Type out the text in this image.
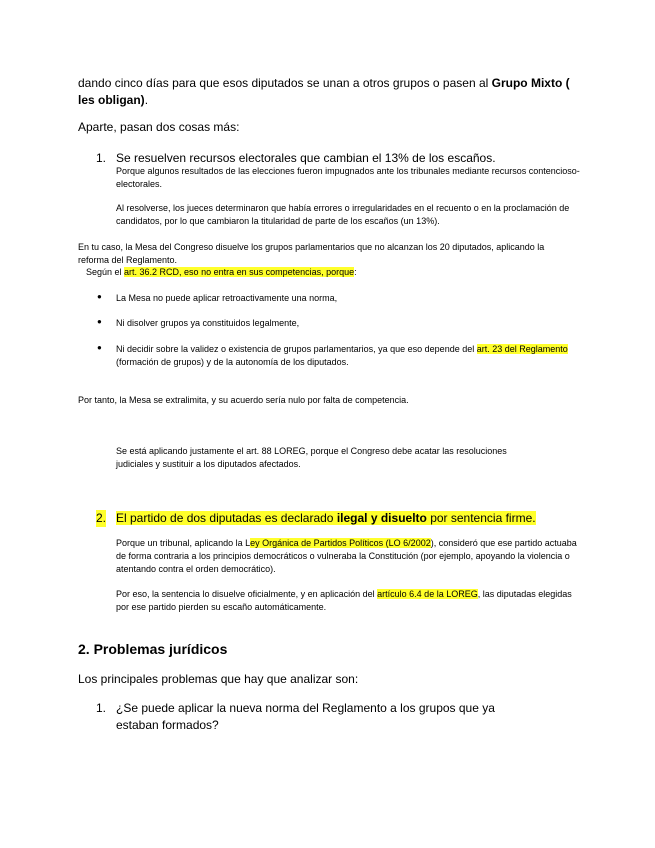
dando cinco días para que esos diputados se unan a otros grupos o pasen al Grupo Mixto (
les obligan).
Aparte, pasan dos cosas más:
1. Se resuelven recursos electorales que cambian el 13% de los escaños.
Porque algunos resultados de las elecciones fueron impugnados ante los tribunales mediante recursos contencioso-electorales.
Al resolverse, los jueces determinaron que había errores o irregularidades en el recuento o en la proclamación de candidatos, por lo que cambiaron la titularidad de parte de los escaños (un 13%).
En tu caso, la Mesa del Congreso disuelve los grupos parlamentarios que no alcanzan los 20 diputados, aplicando la reforma del Reglamento.
Según el art. 36.2 RCD, eso no entra en sus competencias, porque:
● La Mesa no puede aplicar retroactivamente una norma,
● Ni disolver grupos ya constituidos legalmente,
● Ni decidir sobre la validez o existencia de grupos parlamentarios, ya que eso depende del art. 23 del Reglamento (formación de grupos) y de la autonomía de los diputados.
Por tanto, la Mesa se extralimita, y su acuerdo sería nulo por falta de competencia.
Se está aplicando justamente el art. 88 LOREG, porque el Congreso debe acatar las resoluciones judiciales y sustituir a los diputados afectados.
2. El partido de dos diputadas es declarado ilegal y disuelto por sentencia firme.
Porque un tribunal, aplicando la Ley Orgánica de Partidos Políticos (LO 6/2002), consideró que ese partido actuaba de forma contraria a los principios democráticos o vulneraba la Constitución (por ejemplo, apoyando la violencia o atentando contra el orden democrático).
Por eso, la sentencia lo disuelve oficialmente, y en aplicación del artículo 6.4 de la LOREG, las diputadas elegidas por ese partido pierden su escaño automáticamente.
2. Problemas jurídicos
Los principales problemas que hay que analizar son:
1. ¿Se puede aplicar la nueva norma del Reglamento a los grupos que ya estaban formados?
